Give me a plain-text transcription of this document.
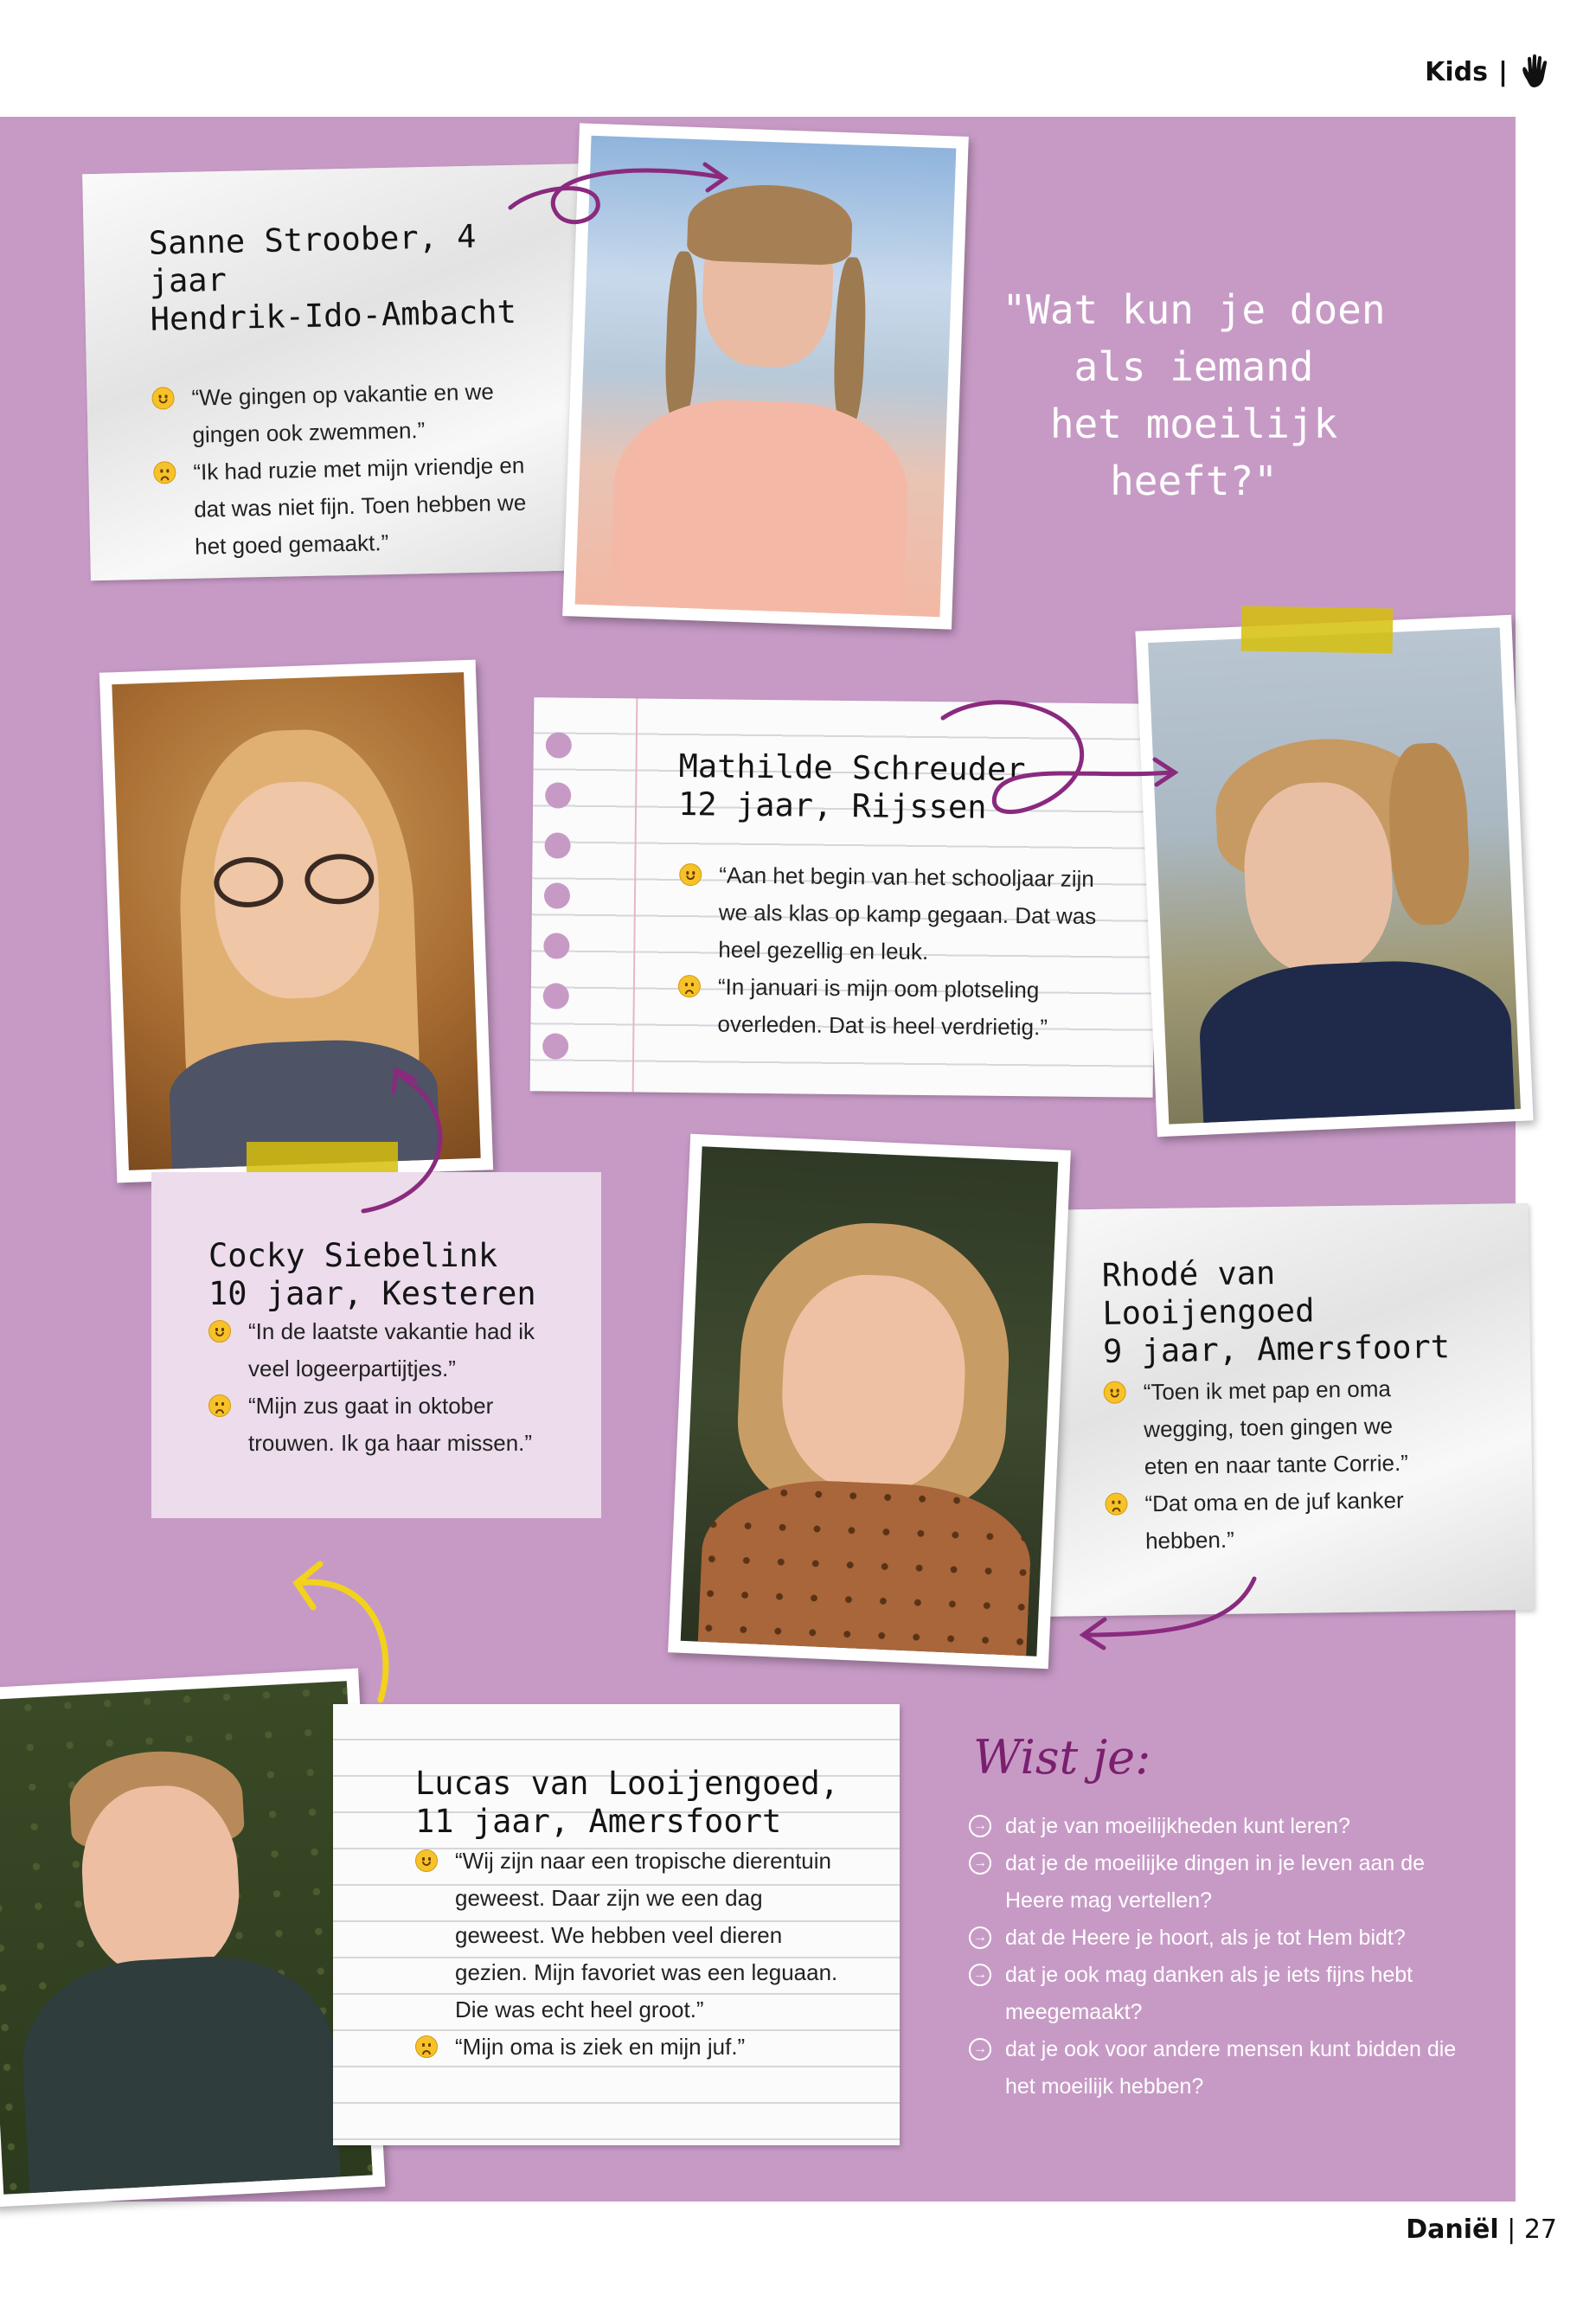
Kids |
Sanne Stroober, 4 jaar
Hendrik-Ido-Ambacht
“We gingen op vakantie en we gingen ook zwemmen.”
“Ik had ruzie met mijn vriendje en dat was niet fijn. Toen hebben we het goed gemaakt.”
"Wat kun je doen
als iemand
het moeilijk
heeft?"
Mathilde Schreuder
12 jaar, Rijssen
“Aan het begin van het schooljaar zijn we als klas op kamp gegaan. Dat was heel gezellig en leuk.
“In januari is mijn oom plotseling overleden. Dat is heel verdrietig.”
Cocky Siebelink
10 jaar, Kesteren
“In de laatste vakantie had ik veel logeerpartijtjes.”
“Mijn zus gaat in oktober trouwen. Ik ga haar missen.”
Rhodé van
Looijengoed
9 jaar, Amersfoort
“Toen ik met pap en oma wegging, toen gingen we eten en naar tante Corrie.”
“Dat oma en de juf kanker hebben.”
Lucas van Looijengoed,
11 jaar, Amersfoort
“Wij zijn naar een tropische dierentuin geweest. Daar zijn we een dag geweest. We hebben veel dieren gezien. Mijn favoriet was een leguaan. Die was echt heel groot.”
“Mijn oma is ziek en mijn juf.”
Wist je:
→ dat je van moeilijkheden kunt leren?
→ dat je de moeilijke dingen in je leven aan de Heere mag vertellen?
→ dat de Heere je hoort, als je tot Hem bidt?
→ dat je ook mag danken als je iets fijns hebt meegemaakt?
→ dat je ook voor andere mensen kunt bidden die het moeilijk hebben?
Daniël | 27
